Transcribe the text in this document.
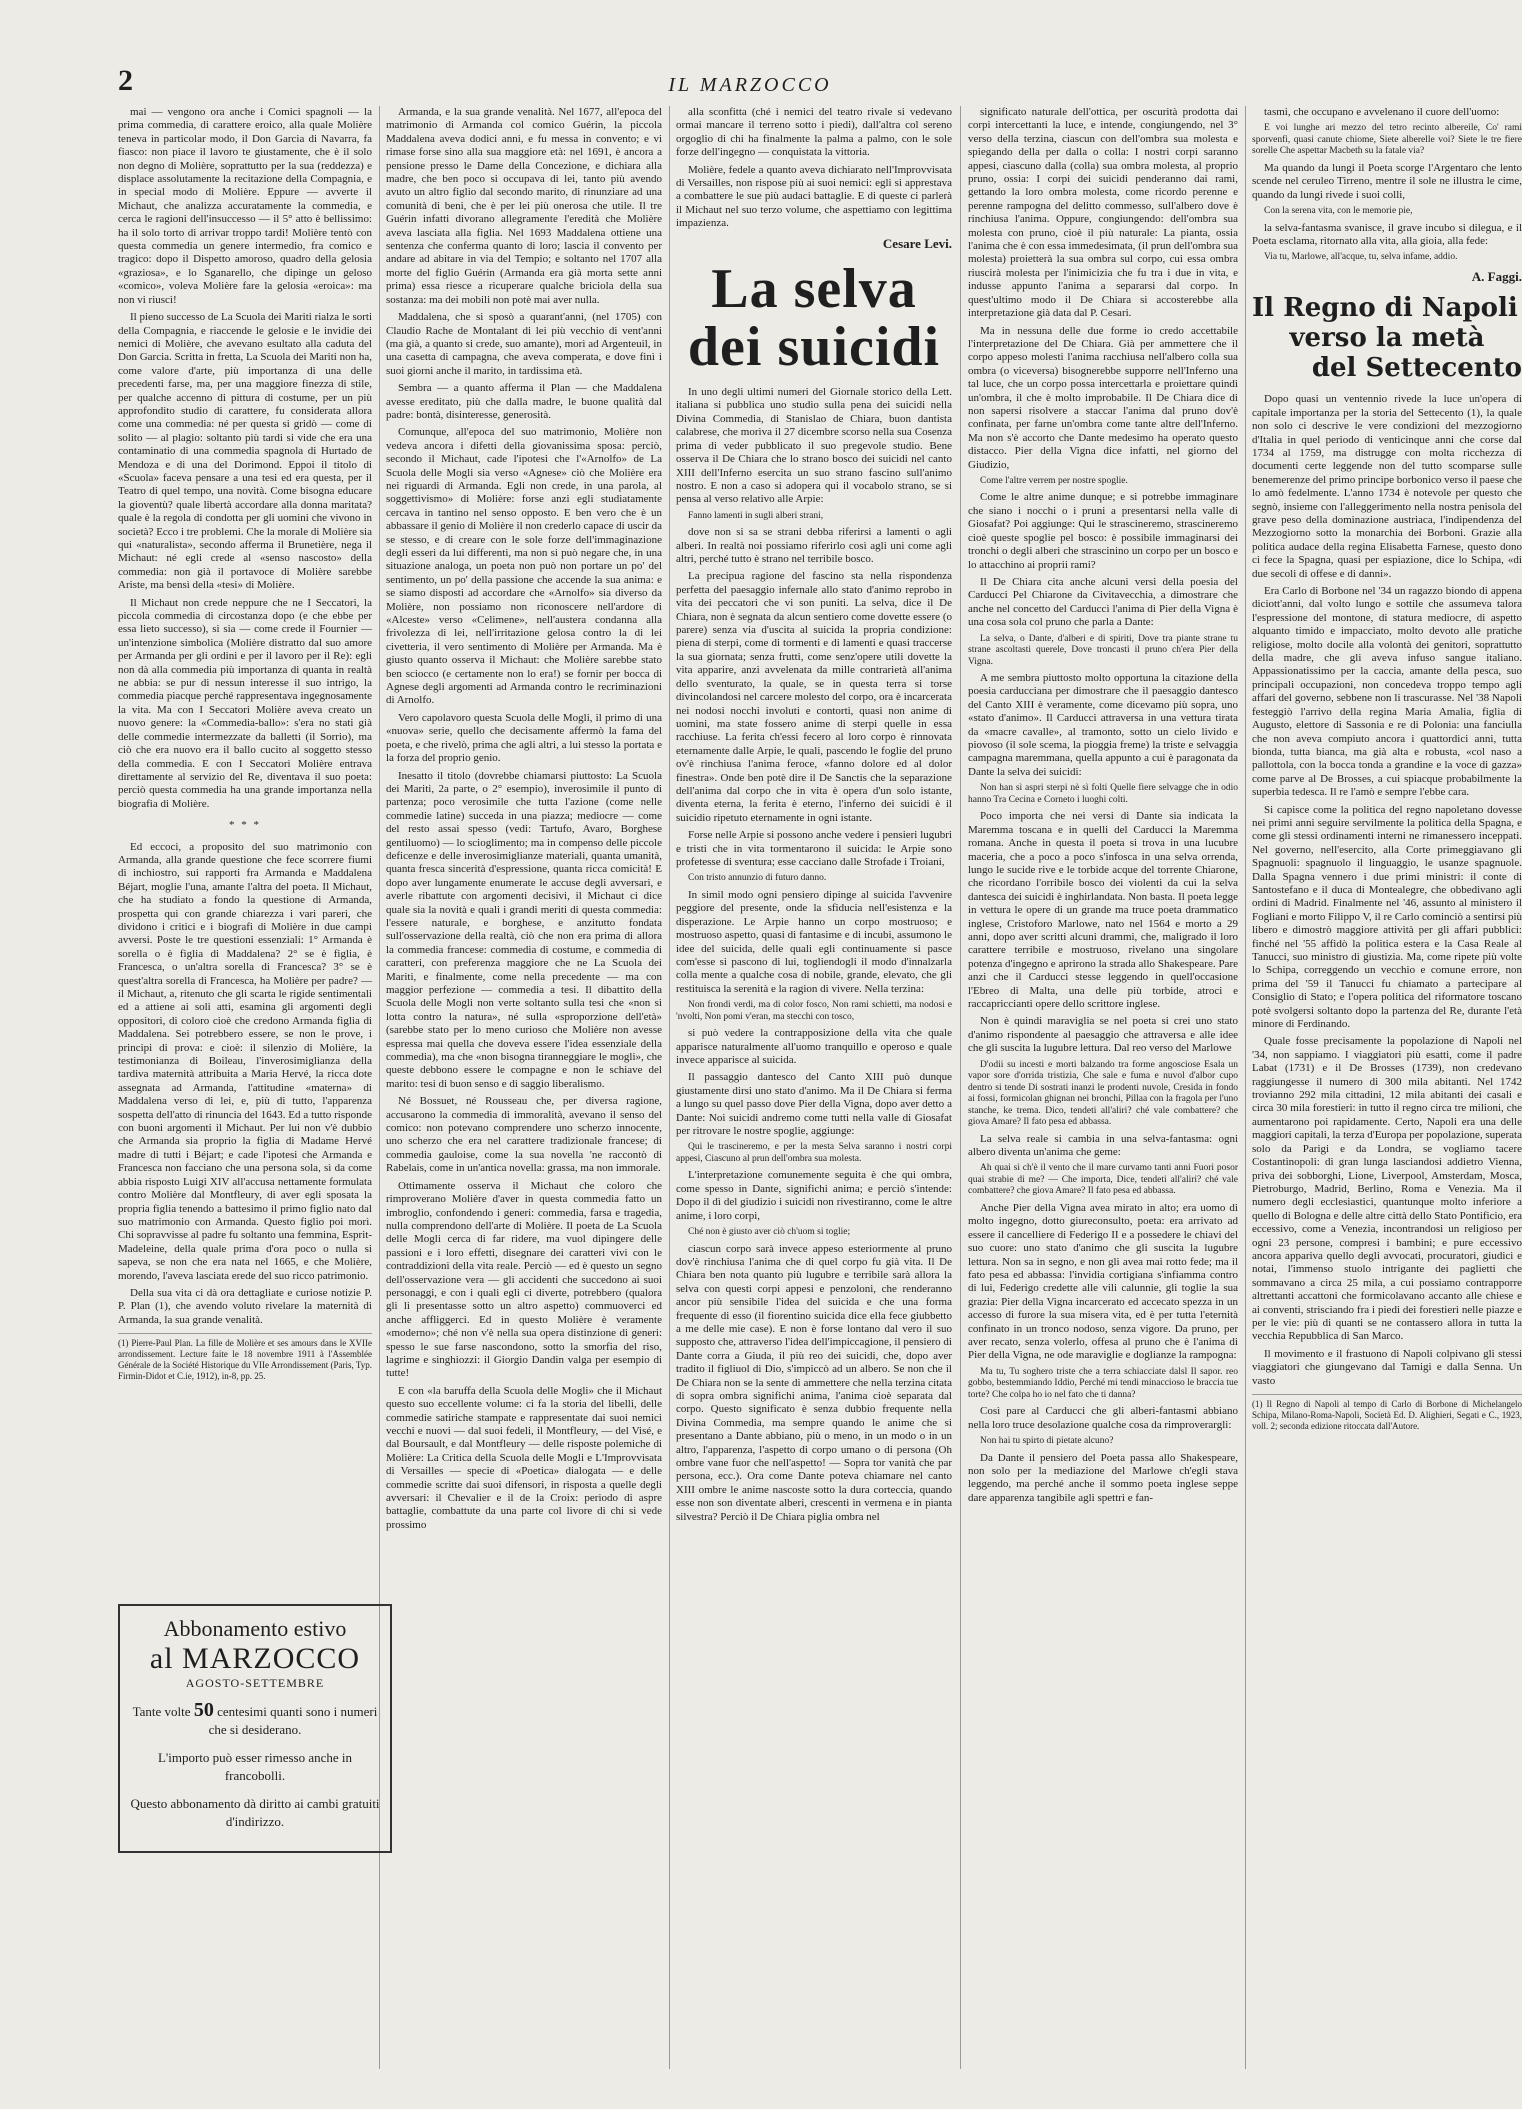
2	IL MARZOCCO

mai — vengono ora anche i Comici spagnoli — la prima commedia, di carattere eroico, alla quale Molière teneva in particolar modo, il Don Garcia di Navarra, fa fiasco: non piace il lavoro te giustamente, che è il solo non degno di Molière, soprattutto per la sua (reddezza) e displace assolutamente la recitazione della Compagnia, e in special modo di Molière. Eppure — avverte il Michaut, che analizza accuratamente la commedia, e cerca le ragioni dell'insuccesso — il 5° atto è bellissimo: ha il solo torto di arrivar troppo tardi! Molière tentò con questa commedia un genere intermedio, fra comico e tragico: dopo il Dispetto amoroso, quadro della gelosia «graziosa», e lo Sganarello, che dipinge un geloso «comico», voleva Molière fare la gelosia «eroica»: ma non vi riuscì!

Il pieno successo de La Scuola dei Mariti rialza le sorti della Compagnia, e riaccende le gelosie e le invidie dei nemici di Molière, che avevano esultato alla caduta del Don Garcia. Scritta in fretta, La Scuola dei Mariti non ha, come valore d'arte, più importanza di una delle precedenti farse, ma, per una maggiore finezza di stile, per qualche accenno di pittura di costume, per un più approfondito studio di carattere, fu considerata allora come una commedia: né per questa si gridò — come di solito — al plagio: soltanto più tardi si vide che era una contaminatio di una commedia spagnola di Hurtado de Mendoza e di una del Dorimond. Eppoi il titolo di «Scuola» faceva pensare a una tesi ed era questa, per il Teatro di quel tempo, una novità. Come bisogna educare la gioventù? quale libertà accordare alla donna maritata? quale è la regola di condotta per gli uomini che vivono in società? Ecco i tre problemi. Che la morale di Molière sia qui «naturalista», secondo afferma il Brunetière, nega il Michaut: né egli crede al «senso nascosto» della commedia: non già il portavoce di Molière sarebbe Ariste, ma bensì della «tesi» di Molière.

Il Michaut non crede neppure che ne I Seccatori, la piccola commedia di circostanza dopo (e che ebbe per essa lieto successo), si sia — come crede il Fournier — un'intenzione simbolica (Molière distratto dal suo amore per Armanda per gli ordini e per il lavoro per il Re): egli non dà alla commedia più importanza di quanta in realtà ne abbia: se pur di nessun interesse il suo intrigo, la commedia piacque perché rappresentava ingegnosamente la vita. Ma con I Seccatori Molière aveva creato un nuovo genere: la «Commedia-ballo»: s'era no stati già delle commedie intermezzate da balletti (il Sorrio), ma ciò che era nuovo era il ballo cucito al soggetto stesso della commedia. E con I Seccatori Molière entrava direttamente al servizio del Re, diventava il suo poeta: perciò questa commedia ha una grande importanza nella biografia di Molière.

* * *

Ed eccoci, a proposito del suo matrimonio con Armanda, alla grande questione che fece scorrere fiumi di inchiostro, sui rapporti fra Armanda e Maddalena Béjart, moglie l'una, amante l'altra del poeta. Il Michaut, che ha studiato a fondo la questione di Armanda, prospetta qui con grande chiarezza i vari pareri, che dividono i critici e i biografi di Molière in due campi avversi. Poste le tre questioni essenziali: 1° Armanda è sorella o è figlia di Maddalena? 2° se è figlia, è Francesca, o un'altra sorella di Francesca? 3° se è quest'altra sorella di Francesca, ha Molière per padre? — il Michaut, a, ritenuto che gli scarta le rigide sentimentali ed a attiene ai soli atti, esamina gli argomenti degli oppositori, di coloro cioè che credono Armanda figlia di Maddalena. Sei potrebbero essere, se non le prove, i principi di prova: e cioè: il silenzio di Molière, la testimonianza di Boileau, l'inverosimiglianza della tardiva maternità attribuita a Maria Hervé, la ricca dote assegnata ad Armanda, l'attitudine «materna» di Maddalena verso di lei, e, più di tutto, l'apparenza sospetta dell'atto di rinuncia del 1643. Ed a tutto risponde con buoni argomenti il Michaut. Per lui non v'è dubbio che Armanda sia proprio la figlia di Madame Hervé madre di tutti i Béjart; e cade l'ipotesi che Armanda e Francesca non facciano che una persona sola, sì da come abbia risposto Luigi XIV all'accusa nettamente formulata contro Molière dal Montfleury, di aver egli sposata la propria figlia tenendo a battesimo il primo figlio nato dal suo matrimonio con Armanda. Questo figlio poi morì. Chi sopravvisse al padre fu soltanto una femmina, Esprit-Madeleine, della quale prima d'ora poco o nulla si sapeva, se non che era nata nel 1665, e che Molière, morendo, l'aveva lasciata erede del suo ricco patrimonio.

Della sua vita ci dà ora dettagliate e curiose notizie P. P. Plan (1), che avendo voluto rivelare la maternità di Armanda, la sua grande venalità.

(1) Pierre-Paul Plan. La fille de Molière et ses amours dans le XVIIe arrondissement. Lecture faite le 18 novembre 1911 à l'Assemblée Générale de la Société Historique du VIIe Arrondissement (Paris, Typ. Firmin-Didot et C.ie, 1912), in-8, pp. 25.
Abbonamento estivo
al MARZOCCO
AGOSTO-SETTEMBRE
Tante volte 50 centesimi quanti sono i numeri che si desiderano.
L'importo può esser rimesso anche in francobolli.
Questo abbonamento dà diritto ai cambi gratuiti d'indirizzo.

Armanda, e la sua grande venalità. Nel 1677, all'epoca del matrimonio di Armanda col comico Guérin, la piccola Maddalena aveva dodici anni, e fu messa in convento; e vi rimase forse sino alla sua maggiore età: nel 1691, è ancora a pensione presso le Dame della Concezione, e dichiara alla madre, che ben poco si occupava di lei, tanto più avendo avuto un altro figlio dal secondo marito, di rinunziare ad una comunità di beni, che è per lei più onerosa che utile. Il tre Guérin infatti divorano allegramente l'eredità che Molière aveva lasciata alla figlia. Nel 1693 Maddalena ottiene una sentenza che conferma quanto di loro; lascia il convento per andare ad abitare in via del Tempio; e soltanto nel 1707 alla morte del figlio Guérin (Armanda era già morta sette anni prima) essa riesce a ricuperare qualche briciola della sua sostanza: ma dei mobili non potè mai aver nulla.

Maddalena, che si sposò a quarant'anni, (nel 1705) con Claudio Rache de Montalant di lei più vecchio di vent'anni (ma già, a quanto si crede, suo amante), morì ad Argenteuil, in una casetta di campagna, che aveva comperata, e dove finì i suoi giorni anche il marito, in tardissima età.

Sembra — a quanto afferma il Plan — che Maddalena avesse ereditato, più che dalla madre, le buone qualità dal padre: bontà, disinteresse, generosità.

Comunque, all'epoca del suo matrimonio, Molière non vedeva ancora i difetti della giovanissima sposa: perciò, secondo il Michaut, cade l'ipotesi che l'«Arnolfo» de La Scuola delle Mogli sia verso «Agnese» ciò che Molière era nei riguardi di Armanda. Egli non crede, in una parola, al soggettivismo» di Molière: forse anzi egli studiatamente cercava in tantino nel senso opposto. E ben vero che è un abbassare il genio di Molière il non crederlo capace di uscir da se stesso, e di creare con le sole forze dell'immaginazione degli esseri da lui differenti, ma non si può negare che, in una situazione analoga, un poeta non può non portare un po' del sentimento, un po' della passione che accende la sua anima: e se siamo disposti ad accordare che «Arnolfo» sia diverso da Molière, non possiamo non riconoscere nell'ardore di «Alceste» verso «Celimene», nell'austera condanna alla frivolezza di lei, nell'irritazione gelosa contro la di lei civetteria, il vero sentimento di Molière per Armanda. Ma è giusto quanto osserva il Michaut: che Molière sarebbe stato ben sciocco (e certamente non lo era!) se fornir per bocca di Agnese degli argomenti ad Armanda contro le recriminazioni di Arnolfo.

Vero capolavoro questa Scuola delle Mogli, il primo di una «nuova» serie, quello che decisamente affermò la fama del poeta, e che rivelò, prima che agli altri, a lui stesso la portata e la forza del proprio genio.

Inesatto il titolo (dovrebbe chiamarsi piuttosto: La Scuola dei Mariti, 2a parte, o 2° esempio), inverosimile il punto di partenza; poco verosimile che tutta l'azione (come nelle commedie latine) succeda in una piazza; mediocre — come del resto assai spesso (vedi: Tartufo, Avaro, Borghese gentiluomo) — lo scioglimento; ma in compenso delle piccole deficenze e delle inverosimiglianze materiali, quanta umanità, quanta fresca sincerità d'espressione, quanta ricca comicità! E dopo aver lungamente enumerate le accuse degli avversari, e averle ribattute con argomenti decisivi, il Michaut ci dice quale sia la novità e quali i grandi meriti di questa commedia: l'essere naturale, e borghese, e anzitutto fondata sull'osservazione della realtà, ciò che non era prima di allora la commedia francese: commedia di costume, e commedia di caratteri, con preferenza maggiore che ne La Scuola dei Mariti, e finalmente, come nella precedente — ma con maggior perfezione — commedia a tesi. Il dibattito della Scuola delle Mogli non verte soltanto sulla tesi che «non si lotta contro la natura», né sulla «sproporzione dell'età» (sarebbe stato per lo meno curioso che Molière non avesse espressa mai quella che doveva essere l'idea essenziale della commedia), ma che «non bisogna tiranneggiare le mogli», che queste debbono essere le compagne e non le schiave del marito: tesi di buon senso e di saggio liberalismo.

Né Bossuet, né Rousseau che, per diversa ragione, accusarono la commedia di immoralità, avevano il senso del comico: non potevano comprendere uno scherzo innocente, uno scherzo che era nel carattere tradizionale francese; di commedia gauloise, come la sua novella 'ne raccontò di Rabelais, come in un'antica novella: grassa, ma non immorale.

Ottimamente osserva il Michaut che coloro che rimproverano Molière d'aver in questa commedia fatto un imbroglio, confondendo i generi: commedia, farsa e tragedia, nulla comprendono dell'arte di Molière. Il poeta de La Scuola delle Mogli cerca di far ridere, ma vuol dipingere delle passioni e i loro effetti, disegnare dei caratteri vivi con le contraddizioni della vita reale. Perciò — ed è questo un segno dell'osservazione vera — gli accidenti che succedono ai suoi personaggi, e con i quali egli ci diverte, potrebbero (qualora gli li presentasse sotto un altro aspetto) commuoverci ed anche affliggerci. Ed in questo Molière è veramente «moderno»; ché non v'è nella sua opera distinzione di generi: spesso le sue farse nascondono, sotto la smorfia del riso, lagrime e singhiozzi: il Giorgio Dandin valga per esempio di tutte!

E con «la baruffa della Scuola delle Mogli» che il Michaut questo suo eccellente volume: ci fa la storia del libelli, delle commedie satiriche stampate e rappresentate dai suoi nemici vecchi e nuovi — dal suoi fedeli, il Montfleury, — del Visé, e dal Boursault, e dal Montfleury — delle risposte polemiche di Molière: La Critica della Scuola delle Mogli e L'Improvvisata di Versailles — specie di «Poetica» dialogata — e delle commedie scritte dai suoi difensori, in risposta a quelle degli avversari: il Chevalier e il de la Croix: periodo di aspre battaglie, combattute da una parte col livore di chi si vede prossimo

alla sconfitta (ché i nemici del teatro rivale si vedevano ormai mancare il terreno sotto i piedi), dall'altra col sereno orgoglio di chi ha finalmente la palma a palmo, con le sole forze dell'ingegno — conquistata la vittoria.

Molière, fedele a quanto aveva dichiarato nell'Improvvisata di Versailles, non rispose più ai suoi nemici: egli si apprestava a combattere le sue più audaci battaglie. E di queste ci parlerà il Michaut nel suo terzo volume, che aspettiamo con legittima impazienza.

Cesare Levi.
La selva dei suicidi

In uno degli ultimi numeri del Giornale storico della Lett. italiana si pubblica uno studio sulla pena dei suicidi nella Divina Commedia, di Stanislao de Chiara, buon dantista calabrese, che morìva il 27 dicembre scorso nella sua Cosenza prima di veder pubblicato il suo pregevole studio. Bene osserva il De Chiara che lo strano bosco dei suicidi nel canto XIII dell'Inferno esercita un suo strano fascino sull'animo nostro. E non a caso si adopera qui il vocabolo strano, se si pensa al verso relativo alle Arpie:

Fanno lamenti in sugli alberi strani,

dove non si sa se strani debba riferirsi a lamenti o agli alberi. In realtà noi possiamo riferirlo così agli uni come agli altri, perché tutto è strano nel terribile bosco.

La precipua ragione del fascino sta nella rispondenza perfetta del paesaggio infernale allo stato d'animo reprobo in vita dei peccatori che vi son puniti. La selva, dice il De Chiara, non è segnata da alcun sentiero come dovette essere (o parere) senza via d'uscita al suicida la propria condizione: piena di sterpi, come di tormenti e di lamenti e quasi traccerse la sua giornata; senza frutti, come senz'opere utili dovette la vita apparire, anzi avvelenata da mille contrarietà all'anima dello sventurato, la quale, se in questa terra si torse divincolandosi nel carcere molesto del corpo, ora è incarcerata nei nodosi nocchi involuti e contorti, quasi non anime di uomini, ma state fossero anime di sterpi quelle in essa racchiuse. La ferita ch'essi fecero al loro corpo è rinnovata eternamente dalle Arpie, le quali, pascendo le foglie del pruno ov'è rinchiusa l'anima feroce, «fanno dolore ed al dolor finestra». Onde ben potè dire il De Sanctis che la separazione dell'anima dal corpo che in vita è opera d'un solo istante, diventa eterna, la ferita è eterno, l'inferno dei suicidi è il suicidio ripetuto eternamente in ogni istante.

Forse nelle Arpie si possono anche vedere i pensieri lugubri e tristi che in vita tormentarono il suicida: le Arpie sono profetesse di sventura; esse cacciano dalle Strofade i Troiani,

Con tristo annunzio di futuro danno.

In simil modo ogni pensiero dipinge al suicida l'avvenire peggiore del presente, onde la sfiducia nell'esistenza e la disperazione. Le Arpie hanno un corpo mostruoso; e mostruoso aspetto, quasi di fantasime e di incubi, assumono le idee del suicida, delle quali egli continuamente si pasce com'esse si pascono di lui, togliendogli il modo d'innalzarla colla mente a qualche cosa di nobile, grande, elevato, che gli restituisca la serenità e la ragion di vivere. Nella terzina:

Non frondi verdi, ma di color fosco, Non rami schietti, ma nodosi e 'nvolti, Non pomi v'eran, ma stecchi con tosco,

si può vedere la contrapposizione della vita che quale apparisce naturalmente all'uomo tranquillo e operoso e quale invece apparisce al suicida.

Il passaggio dantesco del Canto XIII può dunque giustamente dirsi uno stato d'animo. Ma il De Chiara si ferma a lungo su quel passo dove Pier della Vigna, dopo aver detto a Dante: Noi suicidi andremo come tutti nella valle di Giosafat per ritrovare le nostre spoglie, aggiunge:

Qui le trascineremo, e per la mesta Selva saranno i nostri corpi appesi, Ciascuno al prun dell'ombra sua molesta.

L'interpretazione comunemente seguita è che qui ombra, come spesso in Dante, significhi anima; e perciò s'intende: Dopo il dì del giudizio i suicidi non rivestiranno, come le altre anime, i loro corpi,

Ché non è giusto aver ciò ch'uom si toglie;

ciascun corpo sarà invece appeso esteriormente al pruno dov'è rinchiusa l'anima che di quel corpo fu già vita. Il De Chiara ben nota quanto più lugubre e terribile sarà allora la selva con questi corpi appesi e penzoloni, che renderanno ancor più sensibile l'idea del suicida e che una forma frequente di esso (il fiorentino suicida dice ella fece giubbetto a me delle mie case). E non è forse lontano dal vero il suo supposto che, attraverso l'idea dell'impiccagione, il pensiero di Dante corra a Giuda, il più reo dei suicidi, che, dopo aver tradito il figliuol di Dio, s'impiccò ad un albero. Se non che il De Chiara non se la sente di ammettere che nella terzina citata di sopra ombra significhi anima, l'anima cioè separata dal corpo. Questo significato è senza dubbio frequente nella Divina Commedia, ma sempre quando le anime che si presentano a Dante abbiano, più o meno, in un modo o in un altro, l'apparenza, l'aspetto di corpo umano o di persona (Oh ombre vane fuor che nell'aspetto! — Sopra tor vanità che par persona, ecc.). Ora come Dante poteva chiamare nel canto XIII ombre le anime nascoste sotto la dura corteccia, quando esse non son diventate alberi, crescenti in vermena e in pianta silvestra? Perciò il De Chiara piglia ombra nel

significato naturale dell'ottica, per oscurità prodotta dai corpi intercettanti la luce, e intende, congiungendo, nel 3° verso della terzina, ciascun con dell'ombra sua molesta e spiegando della per dalla o colla: I nostri corpi saranno appesi, ciascuno dalla (colla) sua ombra molesta, al proprio pruno, ossia: I corpi dei suicidi penderanno dai rami, gettando la loro ombra molesta, come ricordo perenne e perenne rampogna del delitto commesso, sull'albero dove è rinchiusa l'anima. Oppure, congiungendo: dell'ombra sua molesta con pruno, cioè il più naturale: La pianta, ossia l'anima che è con essa immedesimata, (il prun dell'ombra sua molesta) proietterà la sua ombra sul corpo, cui essa ombra riuscirà molesta per l'inimicizia che fu tra i due in vita, e indusse appunto l'anima a separarsi dal corpo. In quest'ultimo modo il De Chiara si accosterebbe alla interpretazione già data dal P. Cesari.

Ma in nessuna delle due forme io credo accettabile l'interpretazione del De Chiara. Già per ammettere che il corpo appeso molesti l'anima racchiusa nell'albero colla sua ombra (o viceversa) bisognerebbe supporre nell'Inferno una tal luce, che un corpo possa intercettarla e proiettare quindi un'ombra, il che è molto improbabile. Il De Chiara dice di non sapersi risolvere a staccar l'anima dal pruno dov'è confinata, per farne un'ombra come tante altre dell'Inferno. Ma non s'è accorto che Dante medesimo ha operato questo distacco. Pier della Vigna dice infatti, nel giorno del Giudizio,

Come l'altre verrem per nostre spoglie.

Come le altre anime dunque; e si potrebbe immaginare che siano i nocchi o i pruni a presentarsi nella valle di Giosafat? Poi aggiunge: Qui le strascineremo, strascineremo cioè queste spoglie pel bosco: è possibile immaginarsi dei tronchi o degli alberi che strascinino un corpo per un bosco e lo attacchino ai proprii rami?

Il De Chiara cita anche alcuni versi della poesia del Carducci Pel Chiarone da Civitavecchia, a dimostrare che anche nel concetto del Carducci l'anima di Pier della Vigna è una cosa sola col pruno che parla a Dante:

La selva, o Dante, d'alberi e di spiriti, Dove tra piante strane tu strane ascoltasti querele, Dove troncasti il pruno ch'era Pier della Vigna.

A me sembra piuttosto molto opportuna la citazione della poesia carducciana per dimostrare che il paesaggio dantesco del Canto XIII è veramente, come dicevamo più sopra, uno «stato d'animo». Il Carducci attraversa in una vettura tirata da «macre cavalle», al tramonto, sotto un cielo livido e piovoso (il sole scema, la pioggia freme) la triste e selvaggia campagna maremmana, quella appunto a cui è paragonata da Dante la selva dei suicidi:

Non han sì aspri sterpi nè sì folti Quelle fiere selvagge che in odio hanno Tra Cecina e Corneto i luoghi colti.

Poco importa che nei versi di Dante sia indicata la Maremma toscana e in quelli del Carducci la Maremma romana. Anche in questa il poeta si trova in una lucubre maceria, che a poco a poco s'infosca in una selva orrenda, lungo le sucide rive e le torbide acque del torrente Chiarone, che ricordano l'orribile bosco dei violenti da cui la selva dantesca dei suicidi è inghirlandata. Non basta. Il poeta legge in vettura le opere di un grande ma truce poeta drammatico inglese, Cristoforo Marlowe, nato nel 1564 e morto a 29 anni, dopo aver scritti alcuni drammi, che, maligrado il loro carattere terribile e mostruoso, rivelano una singolare potenza d'ingegno e aprirono la strada allo Shakespeare. Pare anzi che il Carducci stesse leggendo in quell'occasione l'Ebreo di Malta, una delle più torbide, atroci e raccapriccianti opere dello scrittore inglese.

Non è quindi maraviglia se nel poeta si crei uno stato d'animo rispondente al paesaggio che attraversa e alle idee che gli suscita la lugubre lettura. Dal reo verso del Marlowe

D'odii su incesti e morti balzando tra forme angosciose Esala un vapor sore d'orrida tristizia, Che sale e fuma e nuvol d'albor cupo dentro si tende Di sostrati inanzi le prodenti nuvole, Cresida in fondo ai fossi, formicolan ghignan nei bronchi, Pillaa con la fragola per l'uno stanche, ke trema. Dico, tendeti all'aliri? ché vale combattere? che giova Amare? Il fato pesa ed abbassa.

La selva reale si cambia in una selva-fantasma: ogni albero diventa un'anima che geme:

Ah quai sì ch'è il vento che il mare curvamo tanti anni Fuori posor quai strabie di me? — Che importa, Dice, tendeti all'aliri? ché vale combattere? che giova Amare? Il fato pesa ed abbassa.

Anche Pier della Vigna avea mirato in alto; era uomo di molto ingegno, dotto giureconsulto, poeta: era arrivato ad essere il cancelliere di Federigo II e a possedere le chiavi del suo cuore: uno stato d'animo che gli suscita la lugubre lettura. Non sa in segno, e non gli avea mai rotto fede; ma il fato pesa ed abbassa: l'invidia cortigiana s'infiamma contro di lui, Federigo credette alle vili calunnie, gli toglie la sua grazia: Pier della Vigna incarcerato ed accecato spezza in un accesso di furore la sua misera vita, ed è per tutta l'eternità confinato in un tronco nodoso, senza vigore. Da pruno, per aver recato, senza volerlo, offesa al pruno che è l'anima di Pier della Vigna, ne ode maraviglie e doglianze la rampogna:

Ma tu, Tu soghero triste che a terra schiacciate dalsl Il sapor. reo gobbo, bestemmiando Iddio, Perché mi tendi minaccioso le braccia tue torte? Che colpa ho io nel fato che ti danna?

Così pare al Carducci che gli alberi-fantasmi abbiano nella loro truce desolazione qualche cosa da rimproverargli:

Non hai tu spirto di pietate alcuno?

Da Dante il pensiero del Poeta passa allo Shakespeare, non solo per la mediazione del Marlowe ch'egli stava leggendo, ma perché anche il sommo poeta inglese seppe dare apparenza tangibile agli spettri e fan-

tasmi, che occupano e avvelenano il cuore dell'uomo:

E voi lunghe ari mezzo del tetro recinto albereile, Co' rami sporvenfi, quasi canute chiome, Siete alberelle voi? Siete le tre fiere sorelle Che aspettar Macbeth su la fatale via?

Ma quando da lungi il Poeta scorge l'Argentaro che lento scende nel ceruleo Tirreno, mentre il sole ne illustra le cime, quando da lungi rivede i suoi colli,

Con la serena vita, con le memorie pie,

la selva-fantasma svanisce, il grave incubo si dilegua, e il Poeta esclama, ritornato alla vita, alla gioia, alla fede:

Via tu, Marlowe, all'acque, tu, selva infame, addio.

A. Faggi.
Il Regno di Napoli
verso la metà
del Settecento

Dopo quasi un ventennio rivede la luce un'opera di capitale importanza per la storia del Settecento (1), la quale non solo ci descrive le vere condizioni del mezzogiorno d'Italia in quel periodo di venticinque anni che corse dal 1734 al 1759, ma distrugge con molta ricchezza di documenti certe leggende non del tutto scomparse sulle benemerenze del primo principe borbonico verso il paese che lo amò fedelmente. L'anno 1734 è notevole per questo che segnò, insieme con l'alleggerimento nella nostra penisola del grave peso della dominazione austriaca, l'indipendenza del Mezzogiorno sotto la monarchia dei Borboni. Grazie alla politica audace della regina Elisabetta Farnese, questo dono ci fece la Spagna, quasi per espiazione, dice lo Schipa, «di due secoli di offese e di danni».

Era Carlo di Borbone nel '34 un ragazzo biondo di appena diciott'anni, dal volto lungo e sottile che assumeva talora l'espressione del montone, di statura mediocre, di aspetto alquanto timido e impacciato, molto devoto alle pratiche religiose, molto docile alla volontà dei genitori, soprattutto della madre, che gli aveva infuso sangue italiano. Appassionatissimo per la caccia, amante della pesca, suo principali occupazioni, non concedeva troppo tempo agli affari del governo, sebbene non li trascurasse. Nel '38 Napoli festeggiò l'arrivo della regina Maria Amalia, figlia di Augusto, elettore di Sassonia e re di Polonia: una fanciulla che non aveva compiuto ancora i quattordici anni, tutta bionda, tutta bianca, ma già alta e robusta, «col naso a pallottola, con la bocca tonda a grandine e la voce di gazza» come parve al De Brosses, a cui spiacque probabilmente la superbia tedesca. Il re l'amò e sempre l'ebbe cara.

Si capisce come la politica del regno napoletano dovesse nei primi anni seguire servilmente la politica della Spagna, e come gli stessi ordinamenti interni ne rimanessero inceppati. Nel governo, nell'esercito, alla Corte primeggiavano gli Spagnuoli: spagnuolo il linguaggio, le usanze spagnuole. Dalla Spagna vennero i due primi ministri: il conte di Santostefano e il duca di Montealegre, che obbedivano agli ordini di Madrid. Finalmente nel '46, assunto al ministero il Fogliani e morto Filippo V, il re Carlo cominciò a sentirsi più libero e dimostrò maggiore attività per gli affari pubblici: finché nel '55 affidò la politica estera e la Casa Reale al Tanucci, suo ministro di giustizia. Ma, come ripete più volte lo Schipa, correggendo un vecchio e comune errore, non prima del '59 il Tanucci fu chiamato a partecipare al Consiglio di Stato; e l'opera politica del riformatore toscano potè svolgersi soltanto dopo la partenza del Re, durante l'età minore di Ferdinando.

Quale fosse precisamente la popolazione di Napoli nel '34, non sappiamo. I viaggiatori più esatti, come il padre Labat (1731) e il De Brosses (1739), non credevano raggiungesse il numero di 300 mila abitanti. Nel 1742 trovianno 292 mila cittadini, 12 mila abitanti dei casali e circa 30 mila forestieri: in tutto il regno circa tre milioni, che aumentarono poi rapidamente. Certo, Napoli era una delle maggiori capitali, la terza d'Europa per popolazione, superata solo da Parigi e da Londra, se vogliamo tacere Costantinopoli: di gran lunga lasciandosi addietro Vienna, priva dei sobborghi, Lione, Liverpool, Amsterdam, Mosca, Pietroburgo, Madrid, Berlino, Roma e Venezia. Ma il numero degli ecclesiastici, quantunque molto inferiore a quello di Bologna e delle altre città dello Stato Pontificio, era eccessivo, come a Venezia, incontrandosi un religioso per ogni 23 persone, compresi i bambini; e pure eccessivo ancora appariva quello degli avvocati, procuratori, giudici e notai, l'immenso stuolo intrigante dei paglietti che sommavano a circa 25 mila, a cui possiamo contrapporre altrettanti accattoni che formicolavano accanto alle chiese e ai conventi, strisciando fra i piedi dei forestieri nelle piazze e per le vie: più di quanti se ne contassero allora in tutta la vecchia Repubblica di San Marco.

Il movimento e il frastuono di Napoli colpivano gli stessi viaggiatori che giungevano dal Tamigi e dalla Senna. Un vasto

(1) Il Regno di Napoli al tempo di Carlo di Borbone di Michelangelo Schipa, Milano-Roma-Napoli, Società Ed. D. Alighieri, Segati e C., 1923, voll. 2; seconda edizione ritoccata dall'Autore.
